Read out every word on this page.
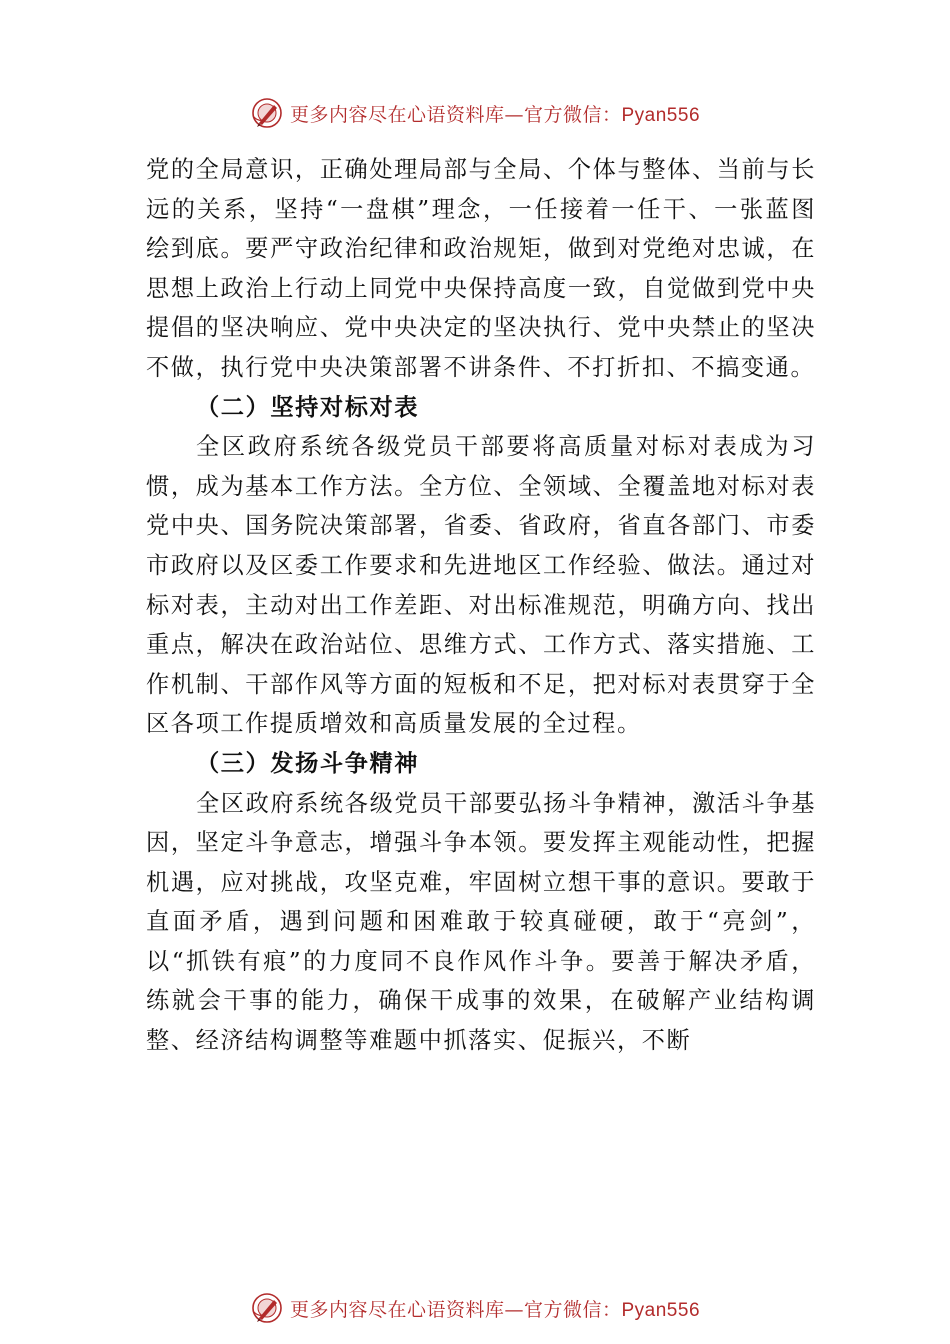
更多内容尽在心语资料库—官方微信：Pyan556

党的全局意识，正确处理局部与全局、个体与整体、当前与长远的关系，坚持“一盘棋”理念，一任接着一任干、一张蓝图绘到底。要严守政治纪律和政治规矩，做到对党绝对忠诚，在思想上政治上行动上同党中央保持高度一致，自觉做到党中央提倡的坚决响应、党中央决定的坚决执行、党中央禁止的坚决不做，执行党中央决策部署不讲条件、不打折扣、不搞变通。

（二）坚持对标对表

全区政府系统各级党员干部要将高质量对标对表成为习惯，成为基本工作方法。全方位、全领域、全覆盖地对标对表党中央、国务院决策部署，省委、省政府，省直各部门、市委市政府以及区委工作要求和先进地区工作经验、做法。通过对标对表，主动对出工作差距、对出标准规范，明确方向、找出重点，解决在政治站位、思维方式、工作方式、落实措施、工作机制、干部作风等方面的短板和不足，把对标对表贯穿于全区各项工作提质增效和高质量发展的全过程。

（三）发扬斗争精神

全区政府系统各级党员干部要弘扬斗争精神，激活斗争基因，坚定斗争意志，增强斗争本领。要发挥主观能动性，把握机遇，应对挑战，攻坚克难，牢固树立想干事的意识。要敢于直面矛盾，遇到问题和困难敢于较真碰硬，敢于“亮剑”，以“抓铁有痕”的力度同不良作风作斗争。要善于解决矛盾，练就会干事的能力，确保干成事的效果，在破解产业结构调整、经济结构调整等难题中抓落实、促振兴，不断

更多内容尽在心语资料库—官方微信：Pyan556
